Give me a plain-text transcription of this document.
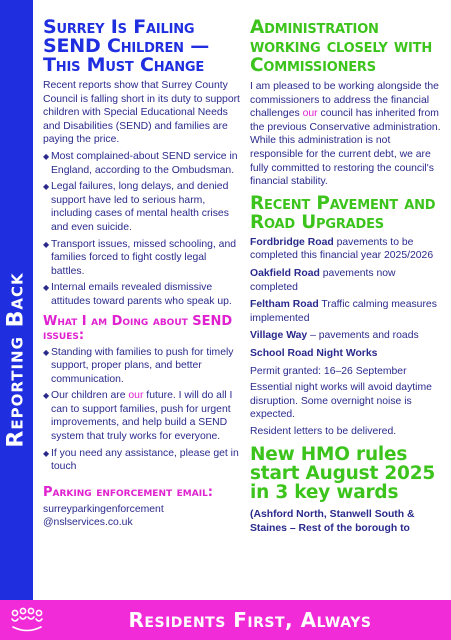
Reporting Back
Surrey Is Failing SEND Children — This Must Change

Recent reports show that Surrey County Council is falling short in its duty to support children with Special Educational Needs and Disabilities (SEND) and families are paying the price.

◆ Most complained-about SEND service in England, according to the Ombudsman.
◆ Legal failures, long delays, and denied support have led to serious harm, including cases of mental health crises and even suicide.
◆ Transport issues, missed schooling, and families forced to fight costly legal battles.
◆ Internal emails revealed dismissive attitudes toward parents who speak up.
What I am Doing about SEND issues:
◆ Standing with families to push for timely support, proper plans, and better communication.
◆ Our children are our future. I will do all I can to support families, push for urgent improvements, and help build a SEND system that truly works for everyone.
◆ If you need any assistance, please get in touch
Parking enforcement email:

surreyparkingenforcement
@nslservices.co.uk

Administration working closely with Commissioners

I am pleased to be working alongside the commissioners to address the financial challenges our council has inherited from the previous Conservative administration. While this administration is not responsible for the current debt, we are fully committed to restoring the council's financial stability.

Recent Pavement and Road Upgrades

Fordbridge Road pavements to be completed this financial year 2025/2026

Oakfield Road pavements now completed

Feltham Road Traffic calming measures implemented

Village Way – pavements and roads

School Road Night Works

Permit granted: 16–26 September

Essential night works will avoid daytime disruption. Some overnight noise is expected.

Resident letters to be delivered.

New HMO rules start August 2025 in 3 key wards

(Ashford North, Stanwell South & Staines – Rest of the borough to

Residents First, Always
